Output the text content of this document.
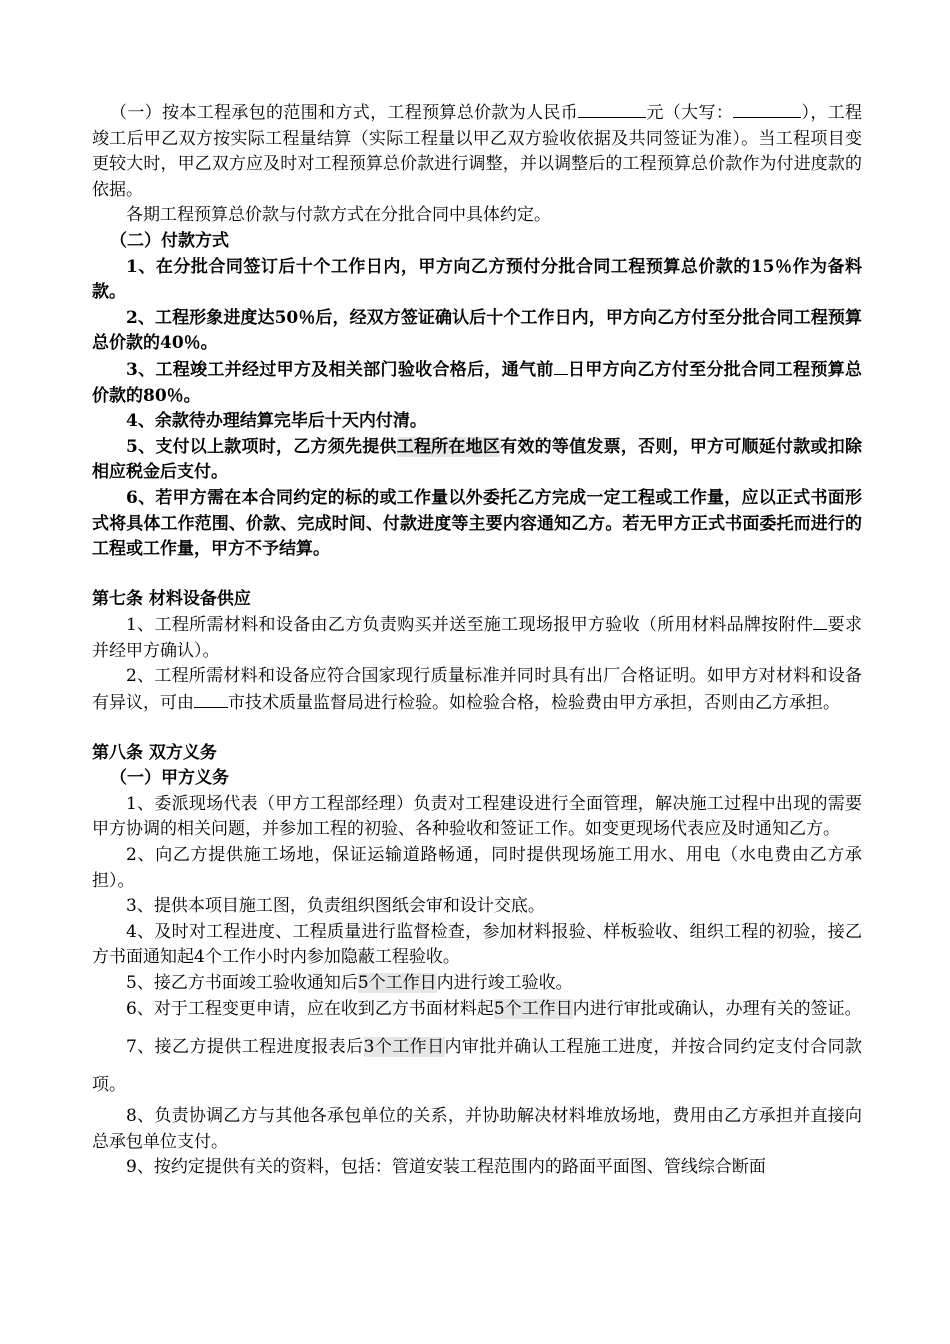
（一）按本工程承包的范围和方式，工程预算总价款为人民币	元（大写：	），工程竣工后甲乙双方按实际工程量结算（实际工程量以甲乙双方验收依据及共同签证为准）。当工程项目变更较大时，甲乙双方应及时对工程预算总价款进行调整，并以调整后的工程预算总价款作为付进度款的依据。

各期工程预算总价款与付款方式在分批合同中具体约定。

（二）付款方式

1、在分批合同签订后十个工作日内，甲方向乙方预付分批合同工程预算总价款的15％作为备料款。

2、工程形象进度达50％后，经双方签证确认后十个工作日内，甲方向乙方付至分批合同工程预算总价款的40％。

3、工程竣工并经过甲方及相关部门验收合格后，通气前 日甲方向乙方付至分批合同工程预算总价款的80％。

4、余款待办理结算完毕后十天内付清。

5、支付以上款项时，乙方须先提供工程所在地区有效的等值发票，否则，甲方可顺延付款或扣除相应税金后支付。

6、若甲方需在本合同约定的标的或工作量以外委托乙方完成一定工程或工作量，应以正式书面形式将具体工作范围、价款、完成时间、付款进度等主要内容通知乙方。若无甲方正式书面委托而进行的工程或工作量，甲方不予结算。

第七条 材料设备供应

1、工程所需材料和设备由乙方负责购买并送至施工现场报甲方验收（所用材料品牌按附件 要求并经甲方确认）。

2、工程所需材料和设备应符合国家现行质量标准并同时具有出厂合格证明。如甲方对材料和设备有异议，可由 市技术质量监督局进行检验。如检验合格，检验费由甲方承担，否则由乙方承担。

第八条 双方义务

（一）甲方义务

1、委派现场代表（甲方工程部经理）负责对工程建设进行全面管理，解决施工过程中出现的需要甲方协调的相关问题，并参加工程的初验、各种验收和签证工作。如变更现场代表应及时通知乙方。

2、向乙方提供施工场地，保证运输道路畅通，同时提供现场施工用水、用电（水电费由乙方承担）。

3、提供本项目施工图，负责组织图纸会审和设计交底。

4、及时对工程进度、工程质量进行监督检查，参加材料报验、样板验收、组织工程的初验，接乙方书面通知起4个工作小时内参加隐蔽工程验收。

5、接乙方书面竣工验收通知后5个工作日内进行竣工验收。

6、对于工程变更申请，应在收到乙方书面材料起5个工作日内进行审批或确认，办理有关的签证。

7、接乙方提供工程进度报表后3个工作日内审批并确认工程施工进度，并按合同约定支付合同款项。

8、负责协调乙方与其他各承包单位的关系，并协助解决材料堆放场地，费用由乙方承担并直接向总承包单位支付。

9、按约定提供有关的资料，包括：管道安装工程范围内的路面平面图、管线综合断面
